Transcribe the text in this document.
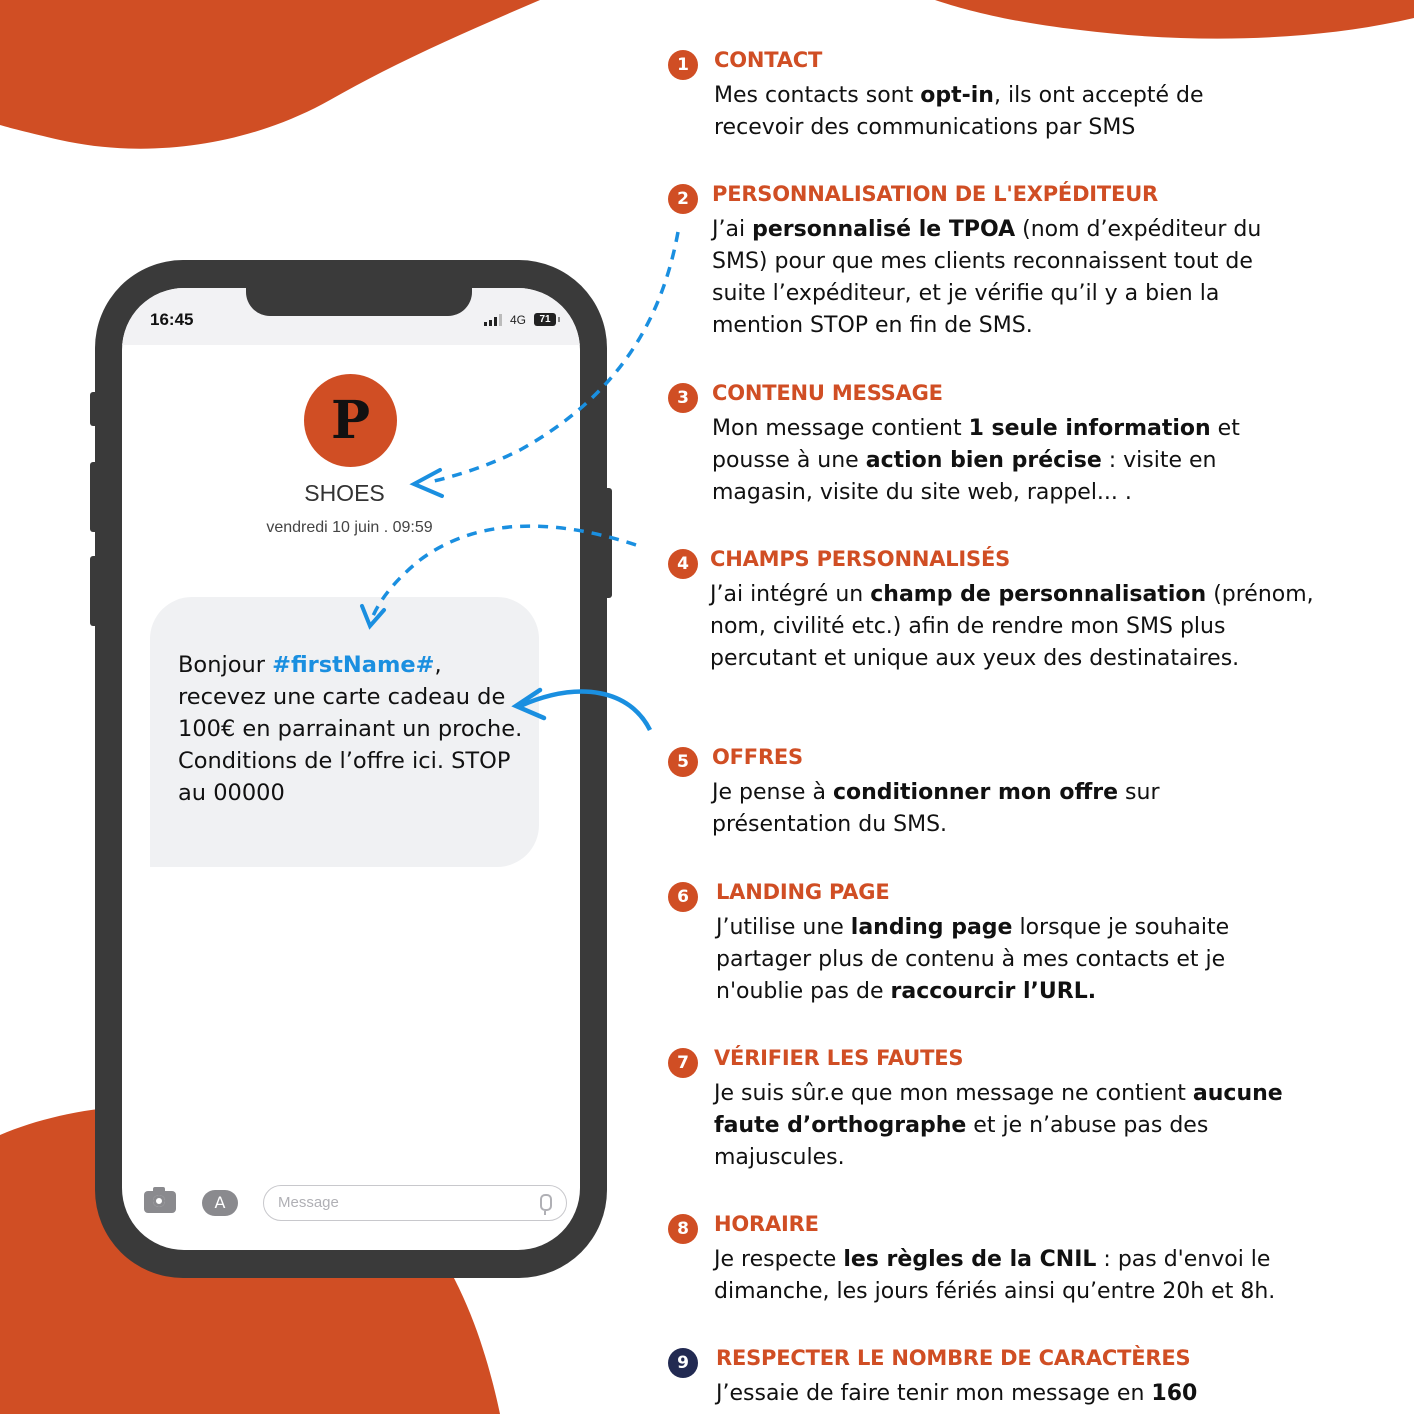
16:45	4G	71
P
SHOES
vendredi 10 juin . 09:59
Bonjour #firstName#, recevez une carte cadeau de 100€ en parrainant un proche. Conditions de l’offre ici. STOP au 00000
A	Message
1	CONTACT
Mes contacts sont opt-in, ils ont accepté de recevoir des communications par SMS
2	PERSONNALISATION DE L'EXPÉDITEUR
J’ai personnalisé le TPOA (nom d’expéditeur du SMS) pour que mes clients reconnaissent tout de suite l’expéditeur, et je vérifie qu’il y a bien la mention STOP en fin de SMS.
3	CONTENU MESSAGE
Mon message contient 1 seule information et pousse à une action bien précise : visite en magasin, visite du site web, rappel... .
4	CHAMPS PERSONNALISÉS
J’ai intégré un champ de personnalisation (prénom, nom, civilité etc.) afin de rendre mon SMS plus percutant et unique aux yeux des destinataires.
5	OFFRES
Je pense à conditionner mon offre sur présentation du SMS.
6	LANDING PAGE
J’utilise une landing page lorsque je souhaite partager plus de contenu à mes contacts et je n'oublie pas de raccourcir l’URL.
7	VÉRIFIER LES FAUTES
Je suis sûr.e que mon message ne contient aucune faute d’orthographe et je n’abuse pas des majuscules.
8	HORAIRE
Je respecte les règles de la CNIL : pas d'envoi le dimanche, les jours fériés ainsi qu’entre 20h et 8h.
9	RESPECTER LE NOMBRE DE CARACTÈRES
J’essaie de faire tenir mon message en 160
